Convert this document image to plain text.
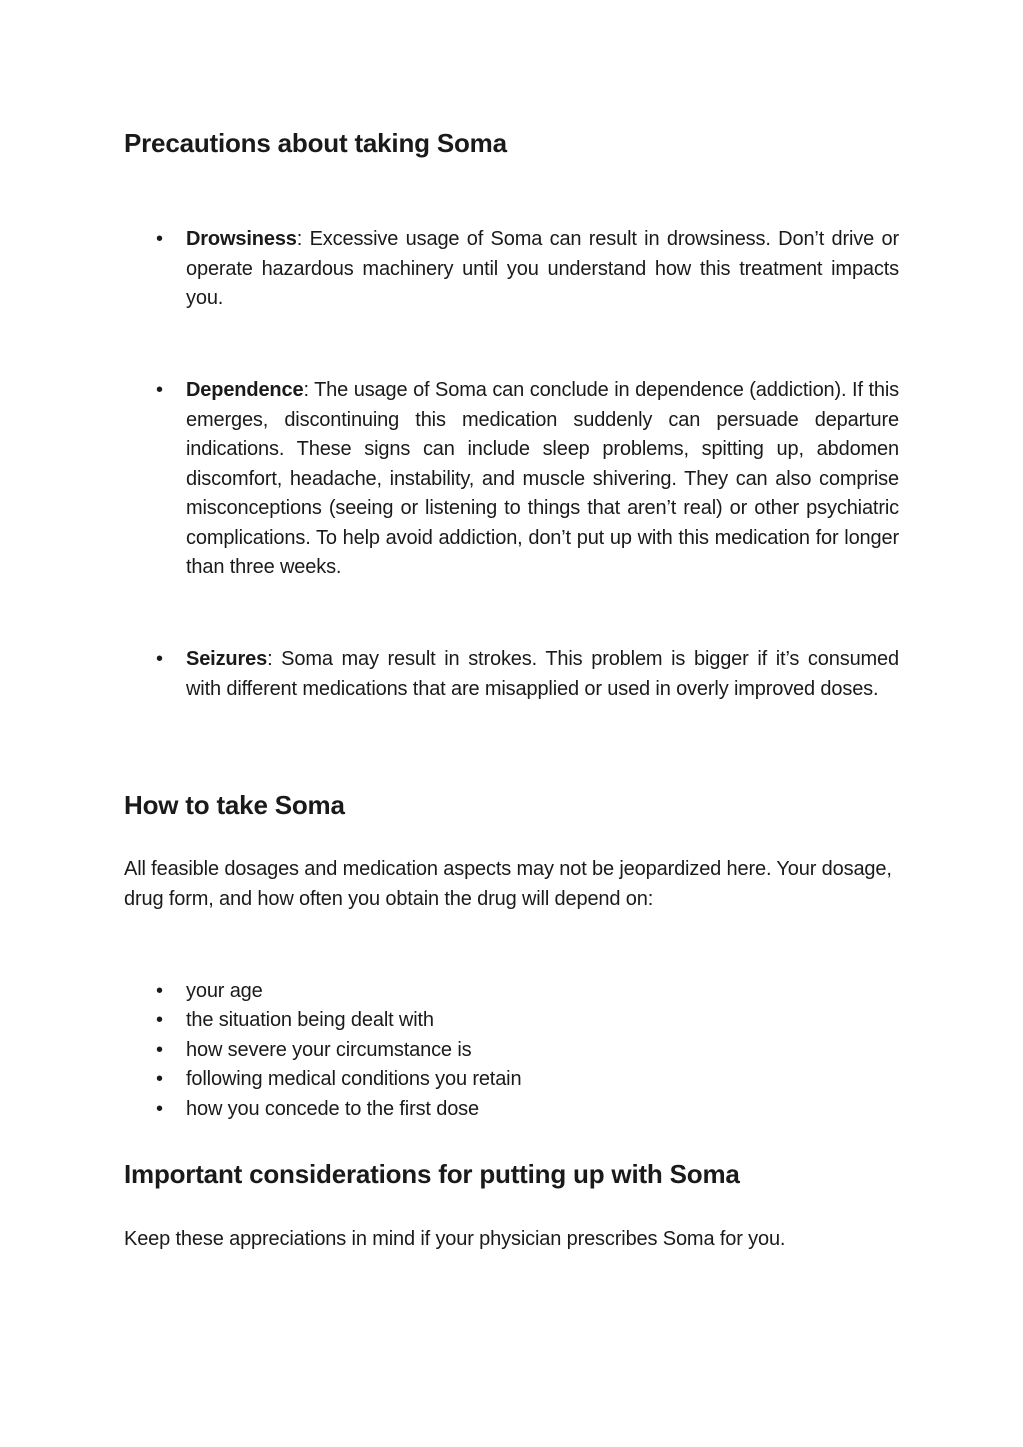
Precautions about taking Soma
• Drowsiness: Excessive usage of Soma can result in drowsiness. Don’t drive or operate hazardous machinery until you understand how this treatment impacts you.
• Dependence: The usage of Soma can conclude in dependence (addiction). If this emerges, discontinuing this medication suddenly can persuade departure indications. These signs can include sleep problems, spitting up, abdomen discomfort, headache, instability, and muscle shivering. They can also comprise misconceptions (seeing or listening to things that aren’t real) or other psychiatric complications. To help avoid addiction, don’t put up with this medication for longer than three weeks.
• Seizures: Soma may result in strokes. This problem is bigger if it’s consumed with different medications that are misapplied or used in overly improved doses.
How to take Soma

All feasible dosages and medication aspects may not be jeopardized here. Your dosage, drug form, and how often you obtain the drug will depend on:

• your age
• the situation being dealt with
• how severe your circumstance is
• following medical conditions you retain
• how you concede to the first dose
Important considerations for putting up with Soma

Keep these appreciations in mind if your physician prescribes Soma for you.
